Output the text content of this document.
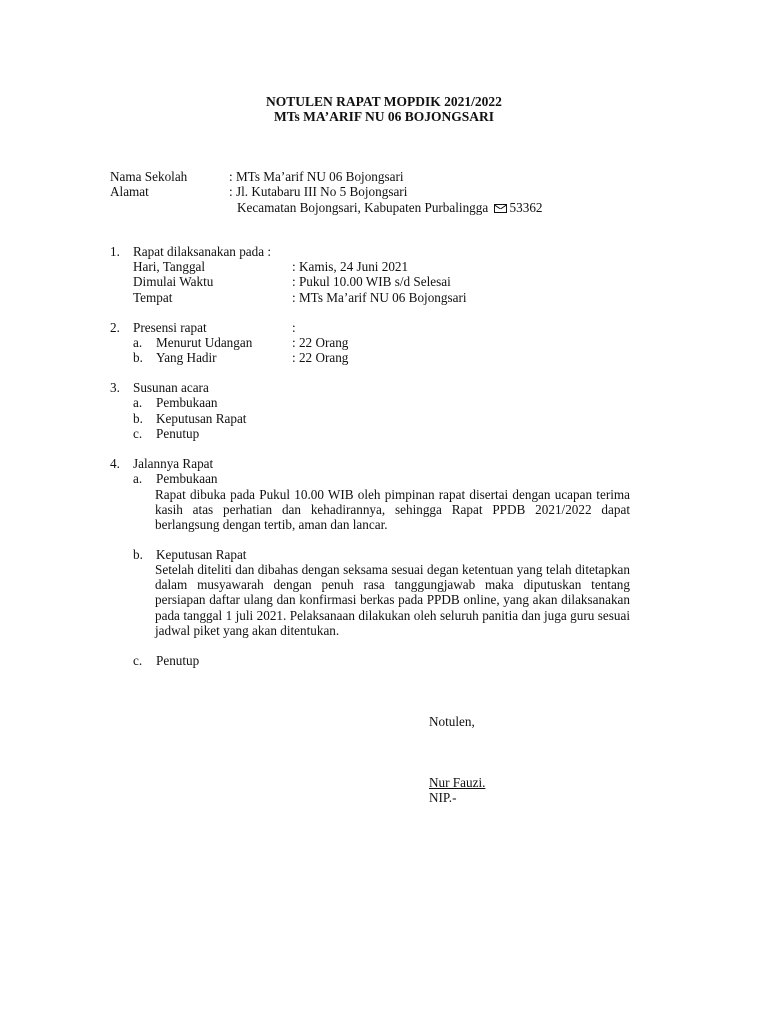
NOTULEN RAPAT MOPDIK 2021/2022
MTs MA’ARIF NU 06 BOJONGSARI
Nama Sekolah	: MTs Ma’arif NU 06 Bojongsari
Alamat	: Jl. Kutabaru III No 5 Bojongsari
Kecamatan Bojongsari, Kabupaten Purbalingga 53362
1. Rapat dilaksanakan pada :
Hari, Tanggal	: Kamis, 24 Juni 2021
Dimulai Waktu	: Pukul 10.00 WIB s/d Selesai
Tempat	: MTs Ma’arif NU 06 Bojongsari
2. Presensi rapat	:
a. Menurut Udangan	: 22 Orang
b. Yang Hadir	: 22 Orang
3. Susunan acara
a. Pembukaan
b. Keputusan Rapat
c. Penutup
4. Jalannya Rapat
a. Pembukaan
Rapat dibuka pada Pukul 10.00 WIB oleh pimpinan rapat disertai dengan ucapan terima kasih atas perhatian dan kehadirannya, sehingga Rapat PPDB 2021/2022 dapat berlangsung dengan tertib, aman dan lancar.
b. Keputusan Rapat
Setelah diteliti dan dibahas dengan seksama sesuai degan ketentuan yang telah ditetapkan dalam musyawarah dengan penuh rasa tanggungjawab maka diputuskan tentang persiapan daftar ulang dan konfirmasi berkas pada PPDB online, yang akan dilaksanakan pada tanggal 1 juli 2021. Pelaksanaan dilakukan oleh seluruh panitia dan juga guru sesuai jadwal piket yang akan ditentukan.
c. Penutup
Notulen,
Nur Fauzi.
NIP.-
